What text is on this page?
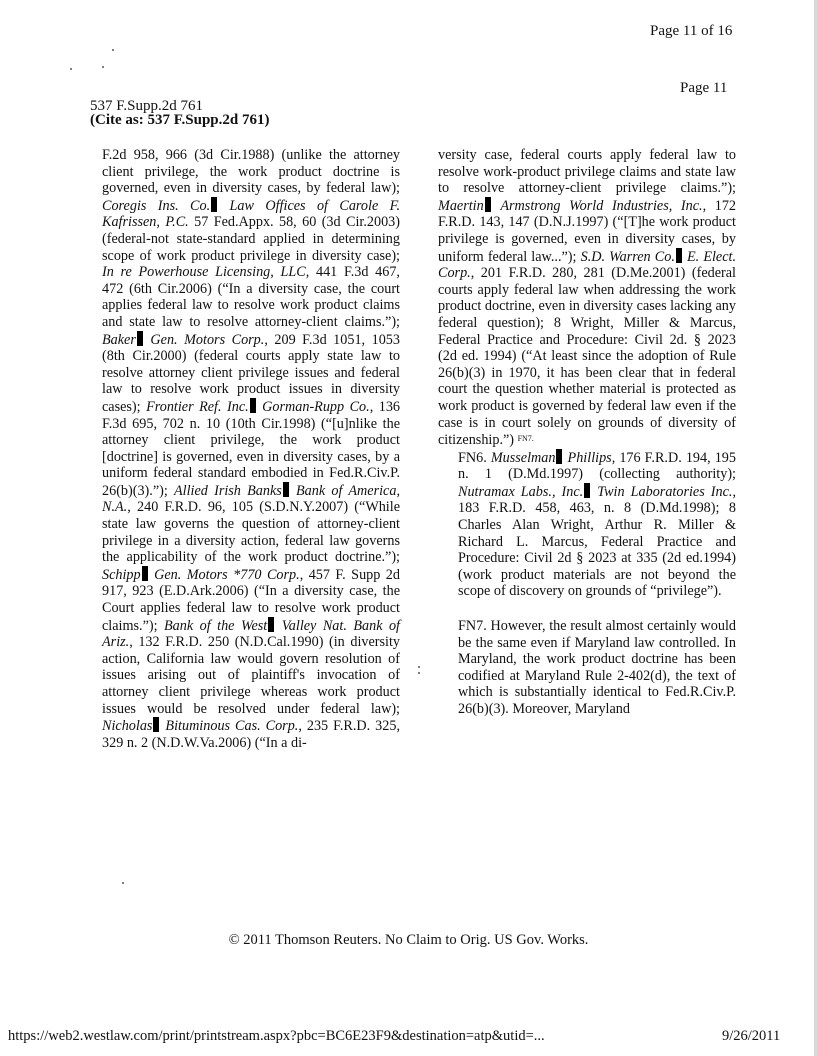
Page 11 of 16
Page 11
537 F.Supp.2d 761
(Cite as: 537 F.Supp.2d 761)

F.2d 958, 966 (3d Cir.1988) (unlike the attorney client privilege, the work product doctrine is governed, even in diversity cases, by federal law); Coregis Ins. Co. Law Offices of Carole F. Kafrissen, P.C. 57 Fed.Appx. 58, 60 (3d Cir.2003) (federal-not state-standard applied in determining scope of work product privilege in diversity case); In re Powerhouse Licensing, LLC, 441 F.3d 467, 472 (6th Cir.2006) (“In a diversity case, the court applies federal law to resolve work product claims and state law to resolve attorney-client claims.”); Baker Gen. Motors Corp., 209 F.3d 1051, 1053 (8th Cir.2000) (federal courts apply state law to resolve attorney client privilege issues and federal law to resolve work product issues in diversity cases); Frontier Ref. Inc. Gorman-Rupp Co., 136 F.3d 695, 702 n. 10 (10th Cir.1998) (“[u]nlike the attorney client privilege, the work product [doctrine] is governed, even in diversity cases, by a uniform federal standard embodied in Fed.R.Civ.P. 26(b)(3).”); Allied Irish Banks Bank of America, N.A., 240 F.R.D. 96, 105 (S.D.N.Y.2007) (“While state law governs the question of attorney-client privilege in a diversity action, federal law governs the applicability of the work product doctrine.”); Schipp Gen. Motors *770 Corp., 457 F. Supp 2d 917, 923 (E.D.Ark.2006) (“In a diversity case, the Court applies federal law to resolve work product claims.”); Bank of the West Valley Nat. Bank of Ariz., 132 F.R.D. 250 (N.D.Cal.1990) (in diversity action, California law would govern resolution of issues arising out of plaintiff's invocation of attorney client privilege whereas work product issues would be resolved under federal law); Nicholas Bituminous Cas. Corp., 235 F.R.D. 325, 329 n. 2 (N.D.W.Va.2006) (“In a di-

versity case, federal courts apply federal law to resolve work-product privilege claims and state law to resolve attorney-client privilege claims.”); Maertin Armstrong World Industries, Inc., 172 F.R.D. 143, 147 (D.N.J.1997) (“[T]he work product privilege is governed, even in diversity cases, by uniform federal law...”); S.D. Warren Co. E. Elect. Corp., 201 F.R.D. 280, 281 (D.Me.2001) (federal courts apply federal law when addressing the work product doctrine, even in diversity cases lacking any federal question); 8 Wright, Miller & Marcus, Federal Practice and Procedure: Civil 2d. § 2023 (2d ed. 1994) (“At least since the adoption of Rule 26(b)(3) in 1970, it has been clear that in federal court the question whether material is protected as work product is governed by federal law even if the case is in court solely on grounds of diversity of citizenship.”) $^{FN7.}$

FN6. Musselman Phillips, 176 F.R.D. 194, 195 n. 1 (D.Md.1997) (collecting authority); Nutramax Labs., Inc. Twin Laboratories Inc., 183 F.R.D. 458, 463, n. 8 (D.Md.1998); 8 Charles Alan Wright, Arthur R. Miller & Richard L. Marcus, Federal Practice and Procedure: Civil 2d § 2023 at 335 (2d ed.1994)(work product materials are not beyond the scope of discovery on grounds of “privilege”).

FN7. However, the result almost certainly would be the same even if Maryland law controlled. In Maryland, the work product doctrine has been codified at Maryland Rule 2-402(d), the text of which is substantially identical to Fed.R.Civ.P. 26(b)(3). Moreover, Maryland

© 2011 Thomson Reuters. No Claim to Orig. US Gov. Works.
https://web2.westlaw.com/print/printstream.aspx?pbc=BC6E23F9&destination=atp&utid=...	9/26/2011
